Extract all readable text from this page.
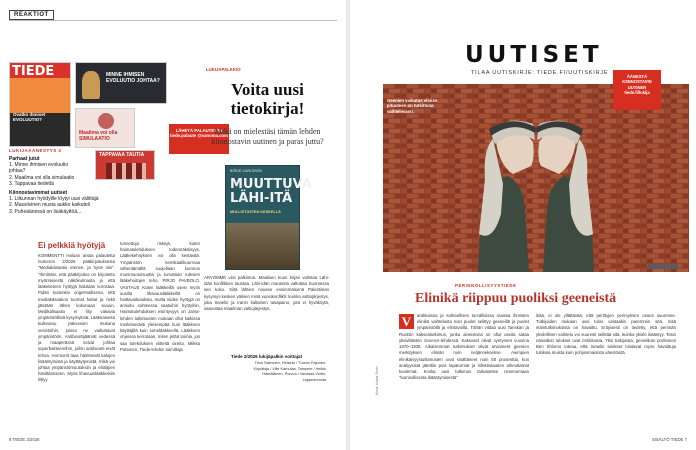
REAKTIOT
TIEDE
Ovatko ihmiset EVOLUUTIO?
MINNE IHMISEN EVOLUUTIO JOHTAA?
Maailma voi olla SIMULAATIO
TAPPAVAA TAUTIA
LÄHETÄ PALAUTETTA tiede.palaute @sanoma.com
LUKIJAÄÄNESTYS 2
Parhaat jutut
1. Minne ihmisen evoluutio johtaa?
2. Maailma voi olla simulaatio
3. Tappavaa tiedettä
Kiinnostavimmat uutiset
1. Liikunnan hyödyille löytyi uusi välittäjä
2. Massiivinen musta aukko kaikuteli
3. Puheäänessä on lisäkäyttöä...
Ei pelkkiä hyötyjä
KOMMENTTI Haluan antaa palautetta numeron 2/2026 pääkirjoituksesta "Mediakäsaatio etenee, ja hyvä niin". "Ihmiträin, että pääkirjoitus on kirjoitettu myönteisestä näkökulmasta ja että lääketieteen hyötyjä halutaan korostaa. Pidän kuitenkin ongelmallisena, että mediakäsaation tuomat haitat ja riskit jätetään lähes kokonaan sivuun. Medikalisaatio ei liity vakavia ympäristöllisiä kysymyksiä. Lääkeaineita kulkeutuu jätevesien mukana vesistöihin, joissa ne vaikuttavat ympäristöön. Antibioottijäämät vedessä ja maaperässä voivat johtaa superbakteereihin, joihin antibiootit eivät tehoa. Hormonit taas häiritsevät kalojen lisääntymistä ja käyttäytymistä, mikä voi johtaa ympäristömuutoksiin ja eliölajien hävittämiseen. Myös lihavuuslääkkeisiin liittyy
tunnettuja riskejä, kuten haimatulehduksen todennäköisyys. Lääkekehityksen voi olla kestävää. Ympäristön kemikaalikuormaa vähentämällä suojellaan luonnon monimuotoisuutta ja turvataan tulevien lääkehoitojen teho. PIRJO PAVBOLO. VASTAUS Kuten lääkkeillä usein myös uusilla lihavuuslääkkeillä on haittavaikutuksia, mutta niiden hyötyjä on arvioitu suhteessa saatuihin hyötyihin. Haimatulehduksen esiintyvyys on Jama-lehden tutkimusten mukaan ollut kaikissa merkitsevästi yleisempää kuin lääkkeen käyttäjillä kuin lumelääkkeellä. Lääkkeen ohjeissa kerrotaan, miten pitää toimia, jos saa tulehduksen viitteitä oireita. Miikka Puttonen, Tiede-lehden toimittaja
LUKIJAPALKKIO
Voita uusi tietokirja!
Mikä on mielestäsi tämän lehden kiinnostavin uutinen ja paras juttu?
BÖRJE CARLSSON
MUUTTUVA LÄHI-ITÄ
MULLISTUSTEN KESKELLÄ
ARVOMME viisi palkintoa. Maalisen kuun kirjan valintaa Lähi-idän konfliktien taustaa. Lähi-idän muutosta valtuttaa Suomessa sen koko. Siitä lähtien nousee ensimmäisenä Palestiinan kysymys kesken välisen minä vuosikonflikti: kuinka valtiojärjestys, joka Israelin ja Iranin kaltainen tasapaino, jota ei hyväksytä, saavuttaa maailman valtiojärjestys.
Tiede 2/2026 lukijäpalkin voittajat
Timo Salminen, Helsinki / Tuomo Pajunen, Kirjoittaja / Ville Karhulaa, Tampere / Heikki Hämäläinen, Porvoo / Vanessa Voitto, Lappeenranta
8 TIEDE 3/2026
UUTISET
TILAA UUTISKIRJE: TIEDE.FI/UUTISKIRJE
Geenien vaikutus eliniän pituuteen on tutkittuna vaihtelevasti.
ÄÄNESTÄ KIINNOSTAVIN UUTINEN tiede.fi/lukija
PERINNÖLLISYYSTIEDE
Elinikä riippuu puoliksi geeneistä
V	arakkaissa ja suhteellisen turvallisissa maissa ihmisten elinikä vaihtelusta noin puolet selittyy geeneillä ja puolet ympäristöllä ja elintavoilla. Tähän viittaa uusi Tanskan ja Ruotsin kaksostutkimus, jonka aineistona on ollut useita sataa yksiviläisten Science-lehdessä. Kaksoset olivat syntyneet vuosina 1870–1935. Aikaisemmat tutkimukset olivat arvioineet geenien merkityksen eliniän noin neljänneksekse. Aiempien elinikäisyystutkimusten ovat sisältäneet noin 50 prosenttia, kun analyysistä jätettiin pois tapaturmat ja infektiotautien aiheuttamat kuolemat. Koska uusi tutkimus tarkastelee nimenomaan "luonnollisesta ikääntymisestä"
ikää, ei ole yllättävää, että perittyjen perimyksen osuus suurenee. Tutkijoiden mukaan uusi tulos vastaakin paremmin sitä, mitä eläintutkimuksista on havaittu. Erityisesti on tiedetty, että perimän yksilöllinen vaihtelu voi suuresti selittää sitä, kuinka yksilö ikääntyy. Tosin näissäkin tulokset ovat ristiriitaisia. Yksi tutkijoista, genetiikan professori Ben Shlomo toteaa, että Israelin tulokset toistavat myös havaittuja tuloksia muista kuin pohjoismaisista väestöistä.
Kuva: Kaisa Siren
SISÄLTÖ TIEDE 7
